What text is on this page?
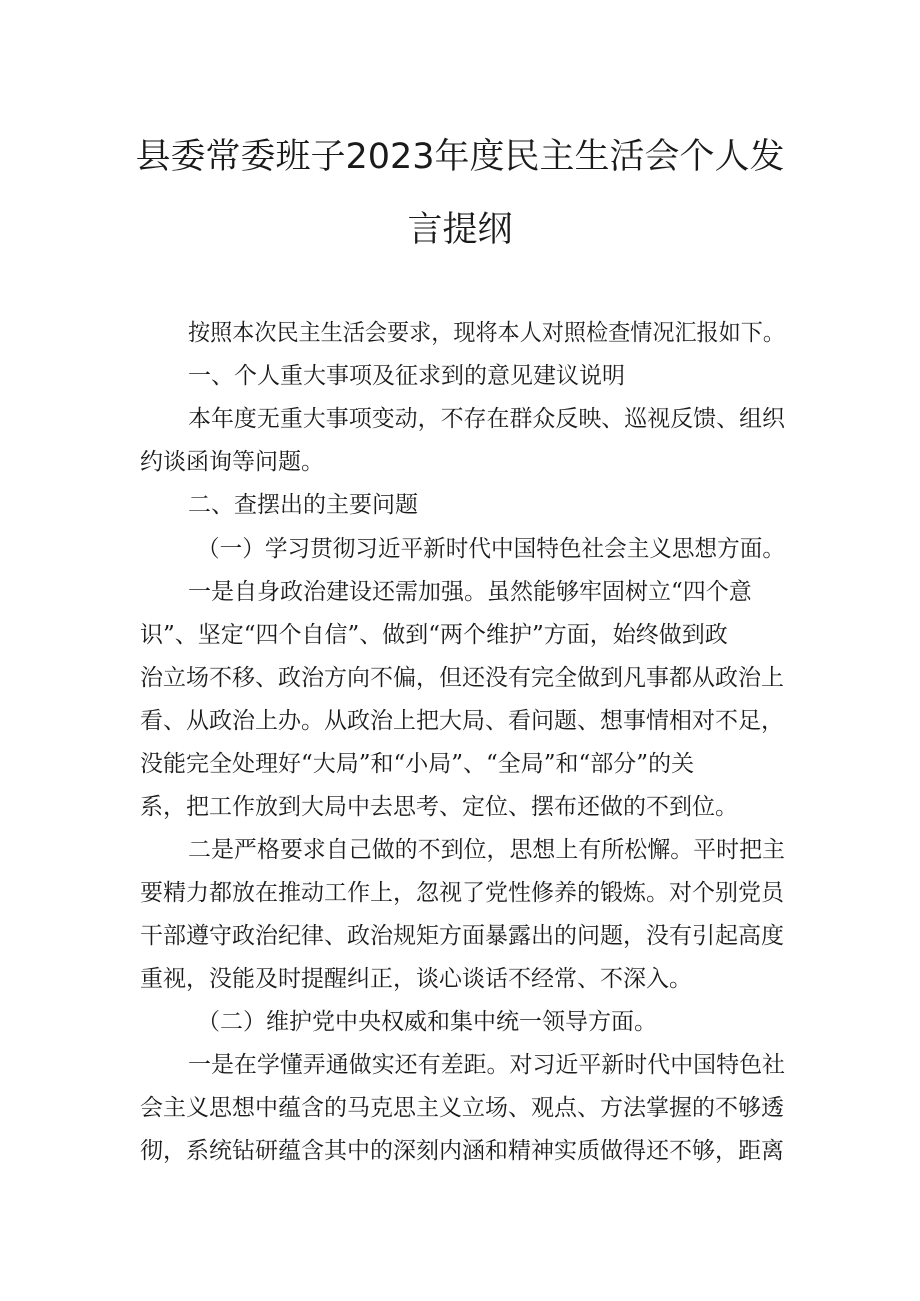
县委常委班子2023年度民主生活会个人发
言提纲
按照本次民主生活会要求，现将本人对照检查情况汇报如下。
一、个人重大事项及征求到的意见建议说明
本年度无重大事项变动，不存在群众反映、巡视反馈、组织
约谈函询等问题。
二、查摆出的主要问题
（一）学习贯彻习近平新时代中国特色社会主义思想方面。
一是自身政治建设还需加强。虽然能够牢固树立“四个意
识”、坚定“四个自信”、做到“两个维护”方面，始终做到政
治立场不移、政治方向不偏，但还没有完全做到凡事都从政治上
看、从政治上办。从政治上把大局、看问题、想事情相对不足，
没能完全处理好“大局”和“小局”、“全局”和“部分”的关
系，把工作放到大局中去思考、定位、摆布还做的不到位。
二是严格要求自己做的不到位，思想上有所松懈。平时把主
要精力都放在推动工作上，忽视了党性修养的锻炼。对个别党员
干部遵守政治纪律、政治规矩方面暴露出的问题，没有引起高度
重视，没能及时提醒纠正，谈心谈话不经常、不深入。
（二）维护党中央权威和集中统一领导方面。
一是在学懂弄通做实还有差距。对习近平新时代中国特色社
会主义思想中蕴含的马克思主义立场、观点、方法掌握的不够透
彻，系统钻研蕴含其中的深刻内涵和精神实质做得还不够，距离
